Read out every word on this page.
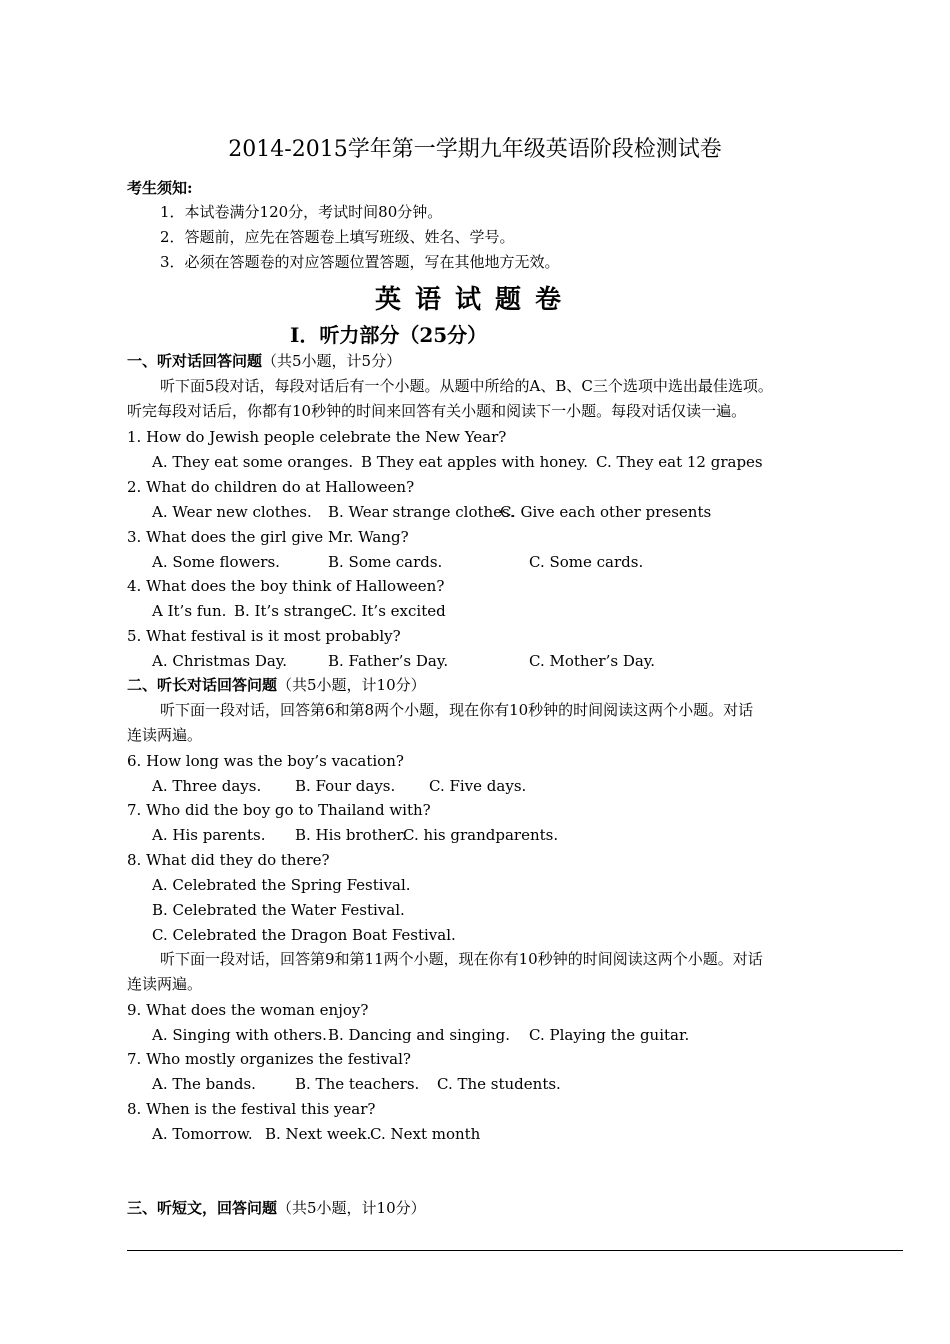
2014-2015学年第一学期九年级英语阶段检测试卷
考生须知:
1．本试卷满分120分，考试时间80分钟。
2．答题前，应先在答题卷上填写班级、姓名、学号。
3．必须在答题卷的对应答题位置答题，写在其他地方无效。
英语试题卷
Ⅰ．听力部分（25分）
一、听对话回答问题（共5小题，计5分）
听下面5段对话，每段对话后有一个小题。从题中所给的A、B、C三个选项中选出最佳选项。
听完每段对话后，你都有10秒钟的时间来回答有关小题和阅读下一小题。每段对话仅读一遍。
1. How do Jewish people celebrate the New Year?
A. They eat some oranges. B They eat apples with honey. C. They eat 12 grapes
2. What do children do at Halloween?
A. Wear new clothes. B. Wear strange clothes.
C. Give each other presents
3. What does the girl give Mr. Wang?
A. Some flowers.	B. Some cards.	C. Some cards.
4. What does the boy think of Halloween?
A It’s fun. B. It’s strange.
C. It’s excited
5. What festival is it most probably?
A. Christmas Day.	B. Father’s Day.	C. Mother’s Day.
二、听长对话回答问题（共5小题，计10分）
听下面一段对话，回答第6和第8两个小题，现在你有10秒钟的时间阅读这两个小题。对话
连读两遍。
6. How long was the boy’s vacation?
A. Three days. B. Four days. C. Five days.
7. Who did the boy go to Thailand with?
A. His parents. B. His brother.
C. his grandparents.
8. What did they do there?
A. Celebrated the Spring Festival.
B. Celebrated the Water Festival.
C. Celebrated the Dragon Boat Festival.
听下面一段对话，回答第9和第11两个小题，现在你有10秒钟的时间阅读这两个小题。对话
连读两遍。
9. What does the woman enjoy?
A. Singing with others. B. Dancing and singing. C. Playing the guitar.
7. Who mostly organizes the festival?
A. The bands.	B. The teachers. C. The students.
8. When is the festival this year?
A. Tomorrow. B. Next week.
C. Next month
三、听短文，回答问题（共5小题，计10分）
